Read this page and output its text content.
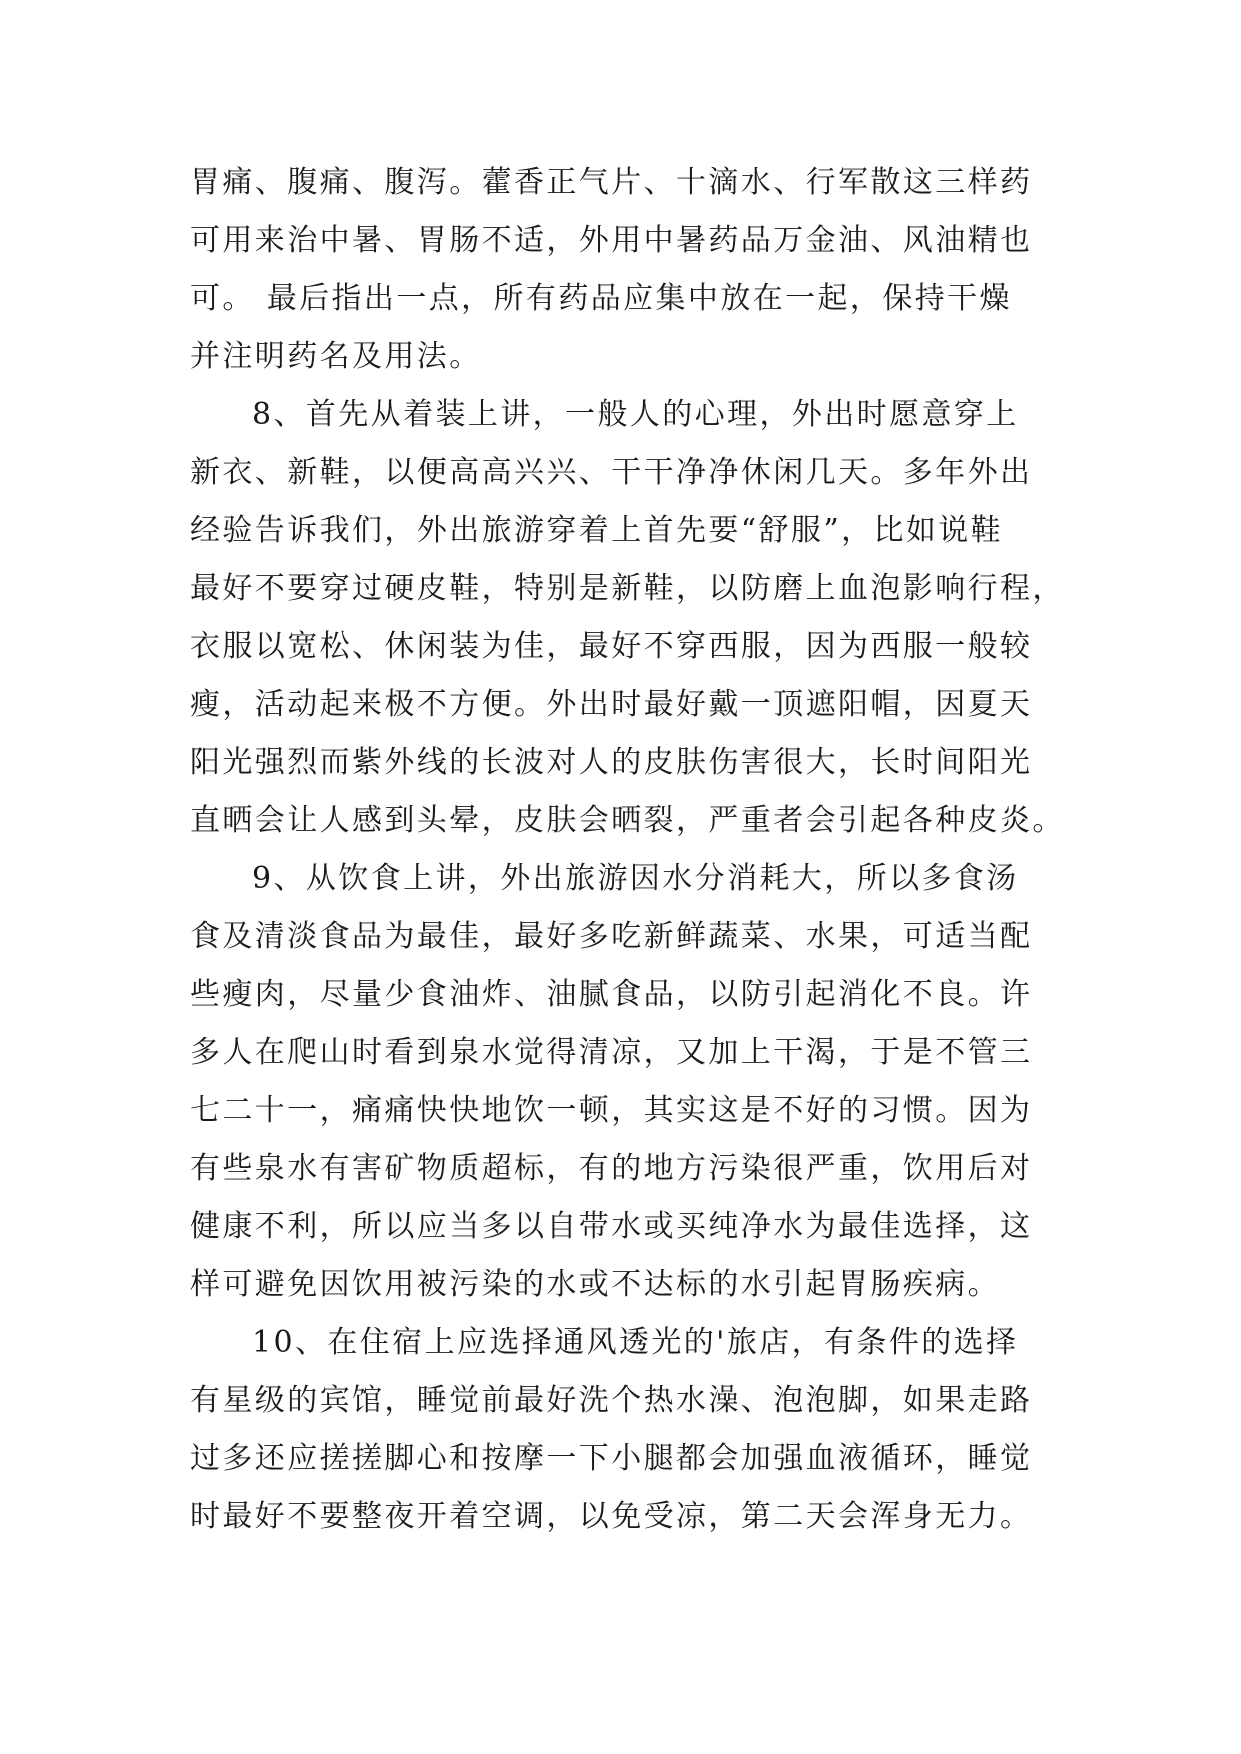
胃痛、腹痛、腹泻。藿香正气片、十滴水、行军散这三样药
可用来治中暑、胃肠不适，外用中暑药品万金油、风油精也
可。 最后指出一点，所有药品应集中放在一起，保持干燥
并注明药名及用法。
8、首先从着装上讲，一般人的心理，外出时愿意穿上
新衣、新鞋，以便高高兴兴、干干净净休闲几天。多年外出
经验告诉我们，外出旅游穿着上首先要“舒服”，比如说鞋
最好不要穿过硬皮鞋，特别是新鞋，以防磨上血泡影响行程，
衣服以宽松、休闲装为佳，最好不穿西服，因为西服一般较
瘦，活动起来极不方便。外出时最好戴一顶遮阳帽，因夏天
阳光强烈而紫外线的长波对人的皮肤伤害很大，长时间阳光
直晒会让人感到头晕，皮肤会晒裂，严重者会引起各种皮炎。
9、从饮食上讲，外出旅游因水分消耗大，所以多食汤
食及清淡食品为最佳，最好多吃新鲜蔬菜、水果，可适当配
些瘦肉，尽量少食油炸、油腻食品，以防引起消化不良。许
多人在爬山时看到泉水觉得清凉，又加上干渴，于是不管三
七二十一，痛痛快快地饮一顿，其实这是不好的习惯。因为
有些泉水有害矿物质超标，有的地方污染很严重，饮用后对
健康不利，所以应当多以自带水或买纯净水为最佳选择，这
样可避免因饮用被污染的水或不达标的水引起胃肠疾病。
10、在住宿上应选择通风透光的'旅店，有条件的选择
有星级的宾馆，睡觉前最好洗个热水澡、泡泡脚，如果走路
过多还应搓搓脚心和按摩一下小腿都会加强血液循环，睡觉
时最好不要整夜开着空调，以免受凉，第二天会浑身无力。
